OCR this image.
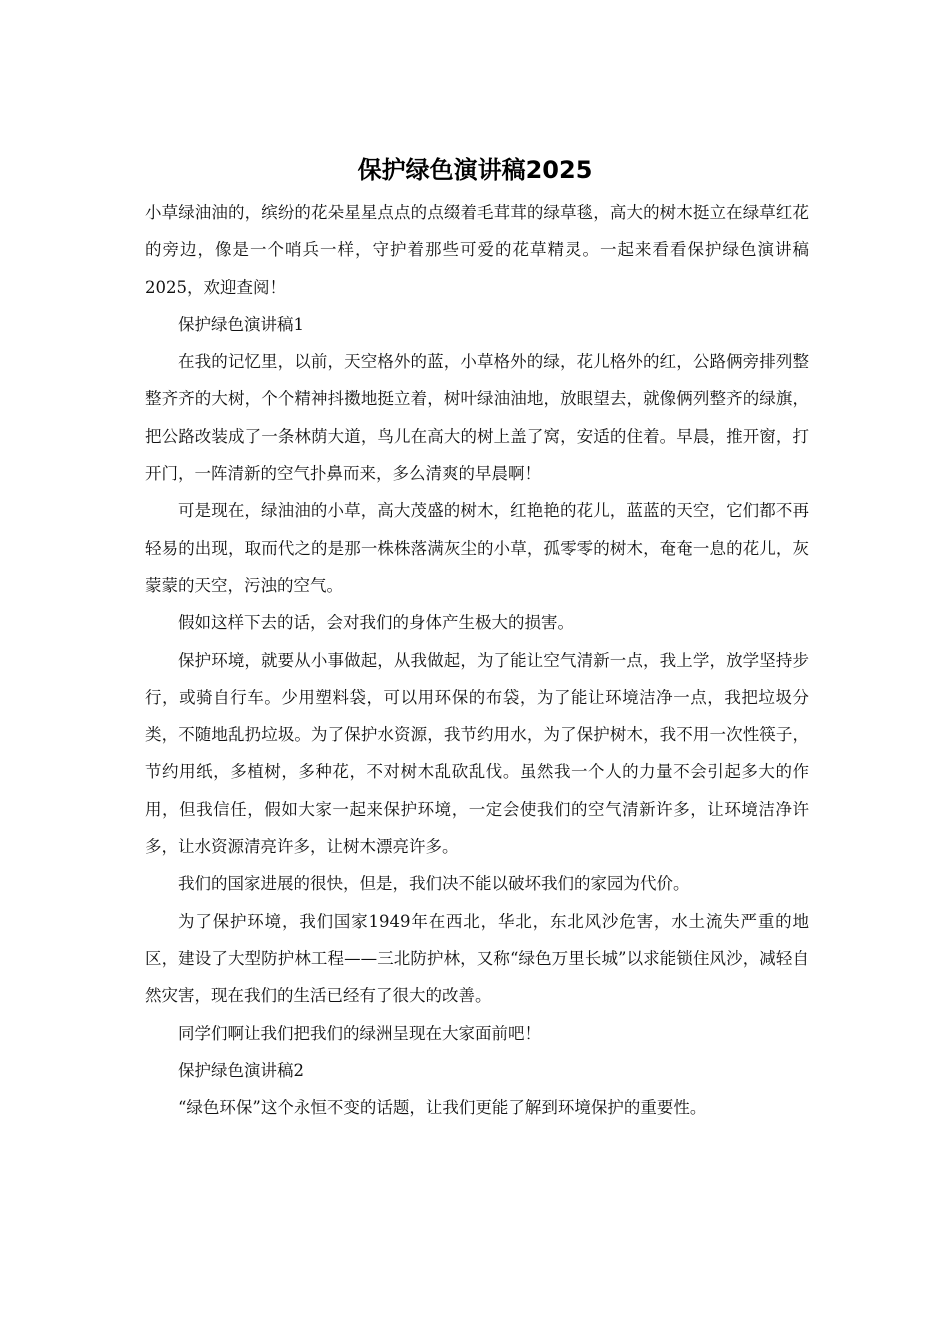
保护绿色演讲稿2025

小草绿油油的，缤纷的花朵星星点点的点缀着毛茸茸的绿草毯，高大的树木挺立在绿草红花的旁边，像是一个哨兵一样，守护着那些可爱的花草精灵。一起来看看保护绿色演讲稿2025，欢迎查阅！

保护绿色演讲稿1

在我的记忆里，以前，天空格外的蓝，小草格外的绿，花儿格外的红，公路俩旁排列整整齐齐的大树，个个精神抖擞地挺立着，树叶绿油油地，放眼望去，就像俩列整齐的绿旗，把公路改装成了一条林荫大道，鸟儿在高大的树上盖了窝，安适的住着。早晨，推开窗，打开门，一阵清新的空气扑鼻而来，多么清爽的早晨啊！

可是现在，绿油油的小草，高大茂盛的树木，红艳艳的花儿，蓝蓝的天空，它们都不再轻易的出现，取而代之的是那一株株落满灰尘的小草，孤零零的树木，奄奄一息的花儿，灰蒙蒙的天空，污浊的空气。

假如这样下去的话，会对我们的身体产生极大的损害。

保护环境，就要从小事做起，从我做起，为了能让空气清新一点，我上学，放学坚持步行，或骑自行车。少用塑料袋，可以用环保的布袋，为了能让环境洁净一点，我把垃圾分类，不随地乱扔垃圾。为了保护水资源，我节约用水，为了保护树木，我不用一次性筷子，节约用纸，多植树，多种花，不对树木乱砍乱伐。虽然我一个人的力量不会引起多大的作用，但我信任，假如大家一起来保护环境，一定会使我们的空气清新许多，让环境洁净许多，让水资源清亮许多，让树木漂亮许多。

我们的国家进展的很快，但是，我们决不能以破坏我们的家园为代价。

为了保护环境，我们国家1949年在西北，华北，东北风沙危害，水土流失严重的地区，建设了大型防护林工程——三北防护林，又称“绿色万里长城”以求能锁住风沙，减轻自然灾害，现在我们的生活已经有了很大的改善。

同学们啊让我们把我们的绿洲呈现在大家面前吧！

保护绿色演讲稿2

“绿色环保”这个永恒不变的话题，让我们更能了解到环境保护的重要性。
